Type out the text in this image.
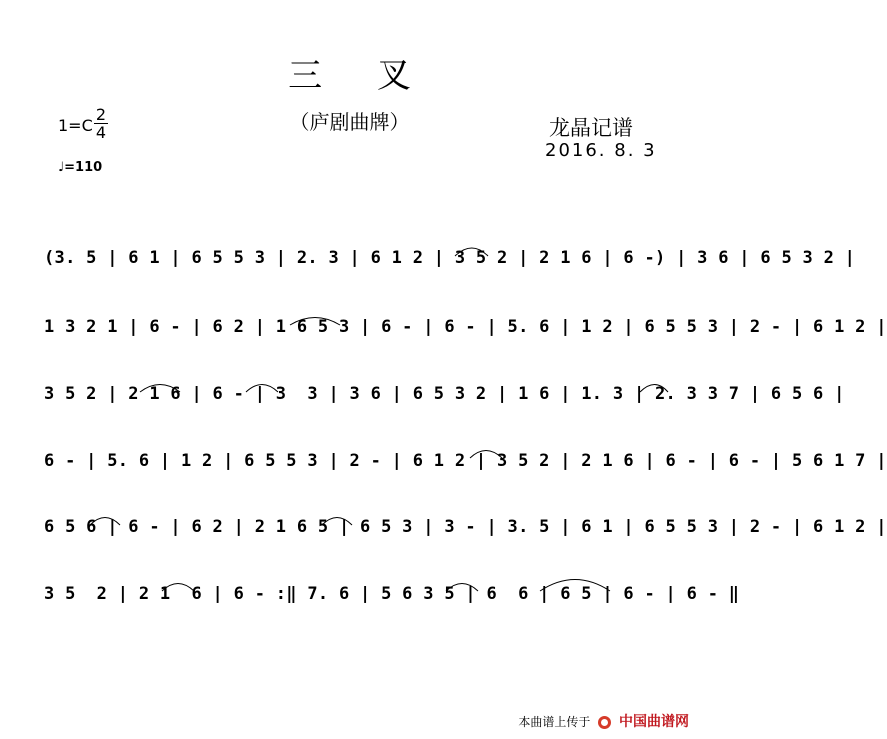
三 叉
（庐剧曲牌）
1=C
2
4
♩=110
龙晶记谱
2016. 8. 3
(3. 5 | 6 1 | 6 5 5 3 | 2. 3 | 6 1 2 | 3 5 2 | 2 1 6 | 6 -) | 3 6 | 6 5 3 2 |
1 3 2 1 | 6 - | 6 2 | 1 6 5 3 | 6 - | 6 - | 5. 6 | 1 2 | 6 5 5 3 | 2 - | 6 1 2 |
3 5 2 | 2 1 6 | 6 - | 3  3 | 3 6 | 6 5 3 2 | 1 6 | 1. 3 | 2. 3 3 7 | 6 5 6 |
6 - | 5. 6 | 1 2 | 6 5 5 3 | 2 - | 6 1 2 | 3 5 2 | 2 1 6 | 6 - | 6 - | 5 6 1 7 |
6 5 6 | 6 - | 6 2 | 2 1 6 5 | 6 5 3 | 3 - | 3. 5 | 6 1 | 6 5 5 3 | 2 - | 6 1 2 |
3 5  2 | 2 1  6 | 6 - :‖ 7. 6 | 5 6 3 5 | 6  6 | 6 5 | 6 - | 6 - ‖
本曲谱上传于 中国曲谱网
